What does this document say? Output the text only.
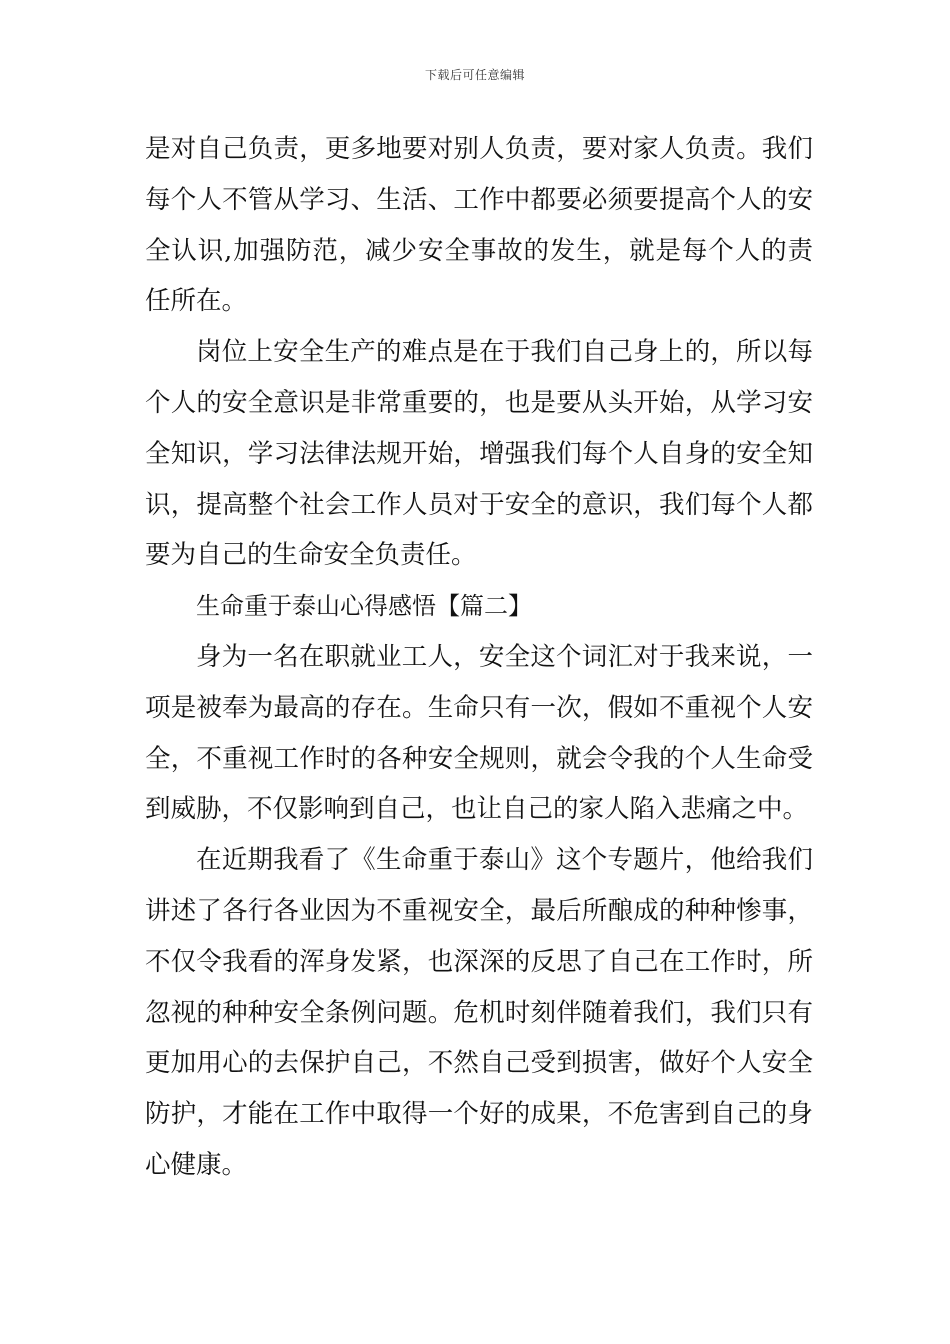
下载后可任意编辑

是对自己负责，更多地要对别人负责，要对家人负责。我们每个人不管从学习、生活、工作中都要必须要提高个人的安全认识,加强防范，减少安全事故的发生，就是每个人的责任所在。

岗位上安全生产的难点是在于我们自己身上的，所以每个人的安全意识是非常重要的，也是要从头开始，从学习安全知识，学习法律法规开始，增强我们每个人自身的安全知识，提高整个社会工作人员对于安全的意识，我们每个人都要为自己的生命安全负责任。

生命重于泰山心得感悟【篇二】

身为一名在职就业工人，安全这个词汇对于我来说，一项是被奉为最高的存在。生命只有一次，假如不重视个人安全，不重视工作时的各种安全规则，就会令我的个人生命受到威胁，不仅影响到自己，也让自己的家人陷入悲痛之中。

在近期我看了《生命重于泰山》这个专题片，他给我们讲述了各行各业因为不重视安全，最后所酿成的种种惨事，不仅令我看的浑身发紧，也深深的反思了自己在工作时，所忽视的种种安全条例问题。危机时刻伴随着我们，我们只有更加用心的去保护自己，不然自己受到损害，做好个人安全防护，才能在工作中取得一个好的成果，不危害到自己的身心健康。
